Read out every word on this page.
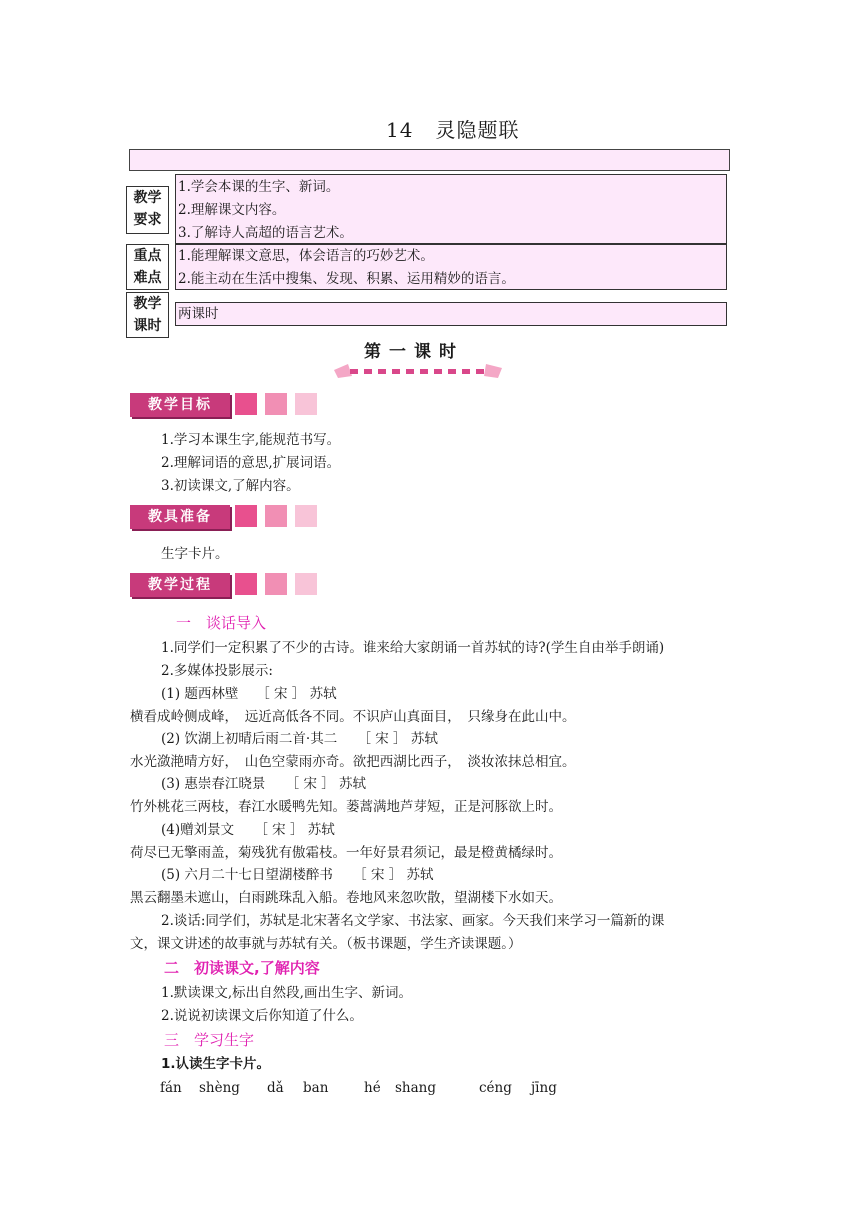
14 灵隐题联
教学
要求
1.学会本课的生字、新词。
2.理解课文内容。
3.了解诗人高超的语言艺术。
重点
难点
1.能理解课文意思，体会语言的巧妙艺术。
2.能主动在生活中搜集、发现、积累、运用精妙的语言。
教学
课时
两课时
第一课时
教学目标
1.学习本课生字,能规范书写。
2.理解词语的意思,扩展词语。
3.初读课文,了解内容。
教具准备
生字卡片。
教学过程
一　谈话导入
1.同学们一定积累了不少的古诗。谁来给大家朗诵一首苏轼的诗?(学生自由举手朗诵)
2.多媒体投影展示:
(1) 题西林壁　 ［ 宋 ］ 苏轼
横看成岭侧成峰，　远近高低各不同。不识庐山真面目，　只缘身在此山中。
(2) 饮湖上初晴后雨二首·其二　　［ 宋 ］ 苏轼
水光潋滟晴方好，　山色空蒙雨亦奇。欲把西湖比西子，　淡妆浓抹总相宜。
(3) 惠崇春江晓景　　［ 宋 ］ 苏轼
竹外桃花三两枝，春江水暖鸭先知。蒌蒿满地芦芽短，正是河豚欲上时。
(4)赠刘景文　　［ 宋 ］ 苏轼
荷尽已无擎雨盖，菊残犹有傲霜枝。一年好景君须记，最是橙黄橘绿时。
(5) 六月二十七日望湖楼醉书　　［ 宋 ］ 苏轼
黑云翻墨未遮山，白雨跳珠乱入船。卷地风来忽吹散，望湖楼下水如天。
2.谈话:同学们，苏轼是北宋著名文学家、书法家、画家。今天我们来学习一篇新的课
文，课文讲述的故事就与苏轼有关。（板书课题，学生齐读课题。）
二　初读课文,了解内容
1.默读课文,标出自然段,画出生字、新词。
2.说说初读课文后你知道了什么。
三　学习生字
1.认读生字卡片。
fán shèng dǎ ban	hé shang	céng jīng
